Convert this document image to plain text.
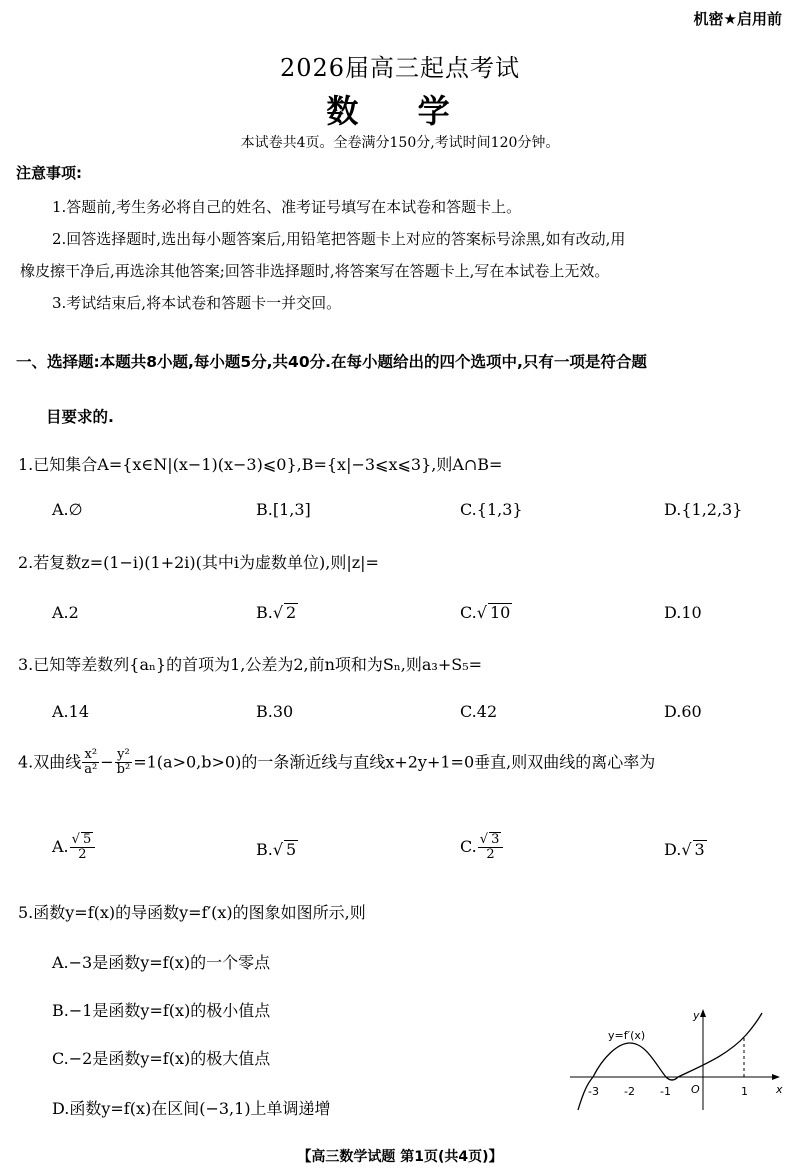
机密★启用前
2026届高三起点考试
数 学
本试卷共4页。全卷满分150分,考试时间120分钟。
注意事项:
1.答题前,考生务必将自己的姓名、准考证号填写在本试卷和答题卡上。
2.回答选择题时,选出每小题答案后,用铅笔把答题卡上对应的答案标号涂黑,如有改动,用
橡皮擦干净后,再选涂其他答案;回答非选择题时,将答案写在答题卡上,写在本试卷上无效。
3.考试结束后,将本试卷和答题卡一并交回。
一、选择题:本题共8小题,每小题5分,共40分.在每小题给出的四个选项中,只有一项是符合题
目要求的.
1.已知集合A={x∈N|(x−1)(x−3)⩽0},B={x|−3⩽x⩽3},则A∩B=
A.∅	B.[1,3]	C.{1,3}	D.{1,2,3}
2.若复数z=(1−i)(1+2i)(其中i为虚数单位),则|z|=
A.2	B.√ 2	C.√ 10	D.10
3.已知等差数列{aₙ}的首项为1,公差为2,前n项和为Sₙ,则a₃+S₅=
A.14	B.30	C.42	D.60
4.双曲线 $\frac{\text{x²}}{\text{a²}} - \frac{\text{y²}}{\text{b²}} =1(a>0,b>0)$的一条渐近线与直线x+2y+1=0垂直,则双曲线的离心率为
A. $\frac{√ 5}{2}$	B.√ 5	C. $\frac{√ 3}{2}$	D.√ 3
5.函数y=f(x)的导函数y=f′(x)的图象如图所示,则
A.−3是函数y=f(x)的一个零点
B.−1是函数y=f(x)的极小值点
C.−2是函数y=f(x)的极大值点
D.函数y=f(x)在区间(−3,1)上单调递增
y=f′(x)
y
x
O
-3 -2 -1	1
【高三数学试题 第1页(共4页)】
